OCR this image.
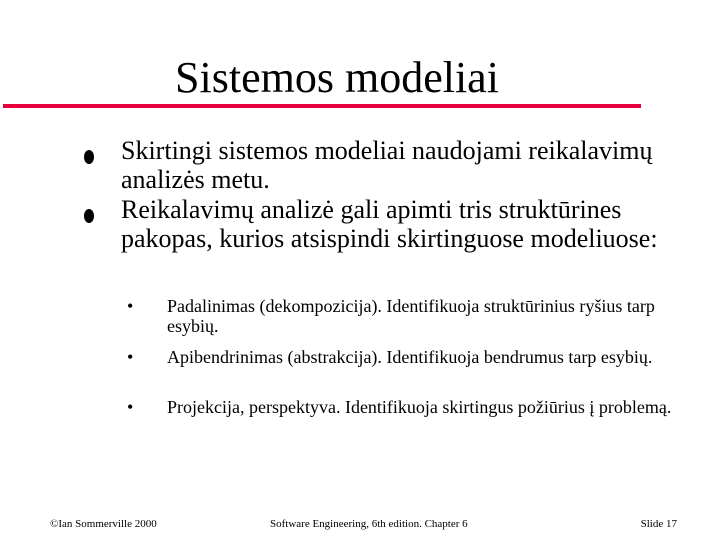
Sistemos modeliai
Skirtingi sistemos modeliai naudojami reikalavimų analizės metu.
Reikalavimų analizė gali apimti tris struktūrines pakopas, kurios atsispindi skirtinguose modeliuose:
• Padalinimas (dekompozicija). Identifikuoja struktūrinius ryšius tarp esybių.
• Apibendrinimas (abstrakcija). Identifikuoja bendrumus tarp esybių.
• Projekcija, perspektyva. Identifikuoja skirtingus požiūrius į problemą.
©Ian Sommerville 2000	Software Engineering, 6th edition. Chapter 6	Slide 17
